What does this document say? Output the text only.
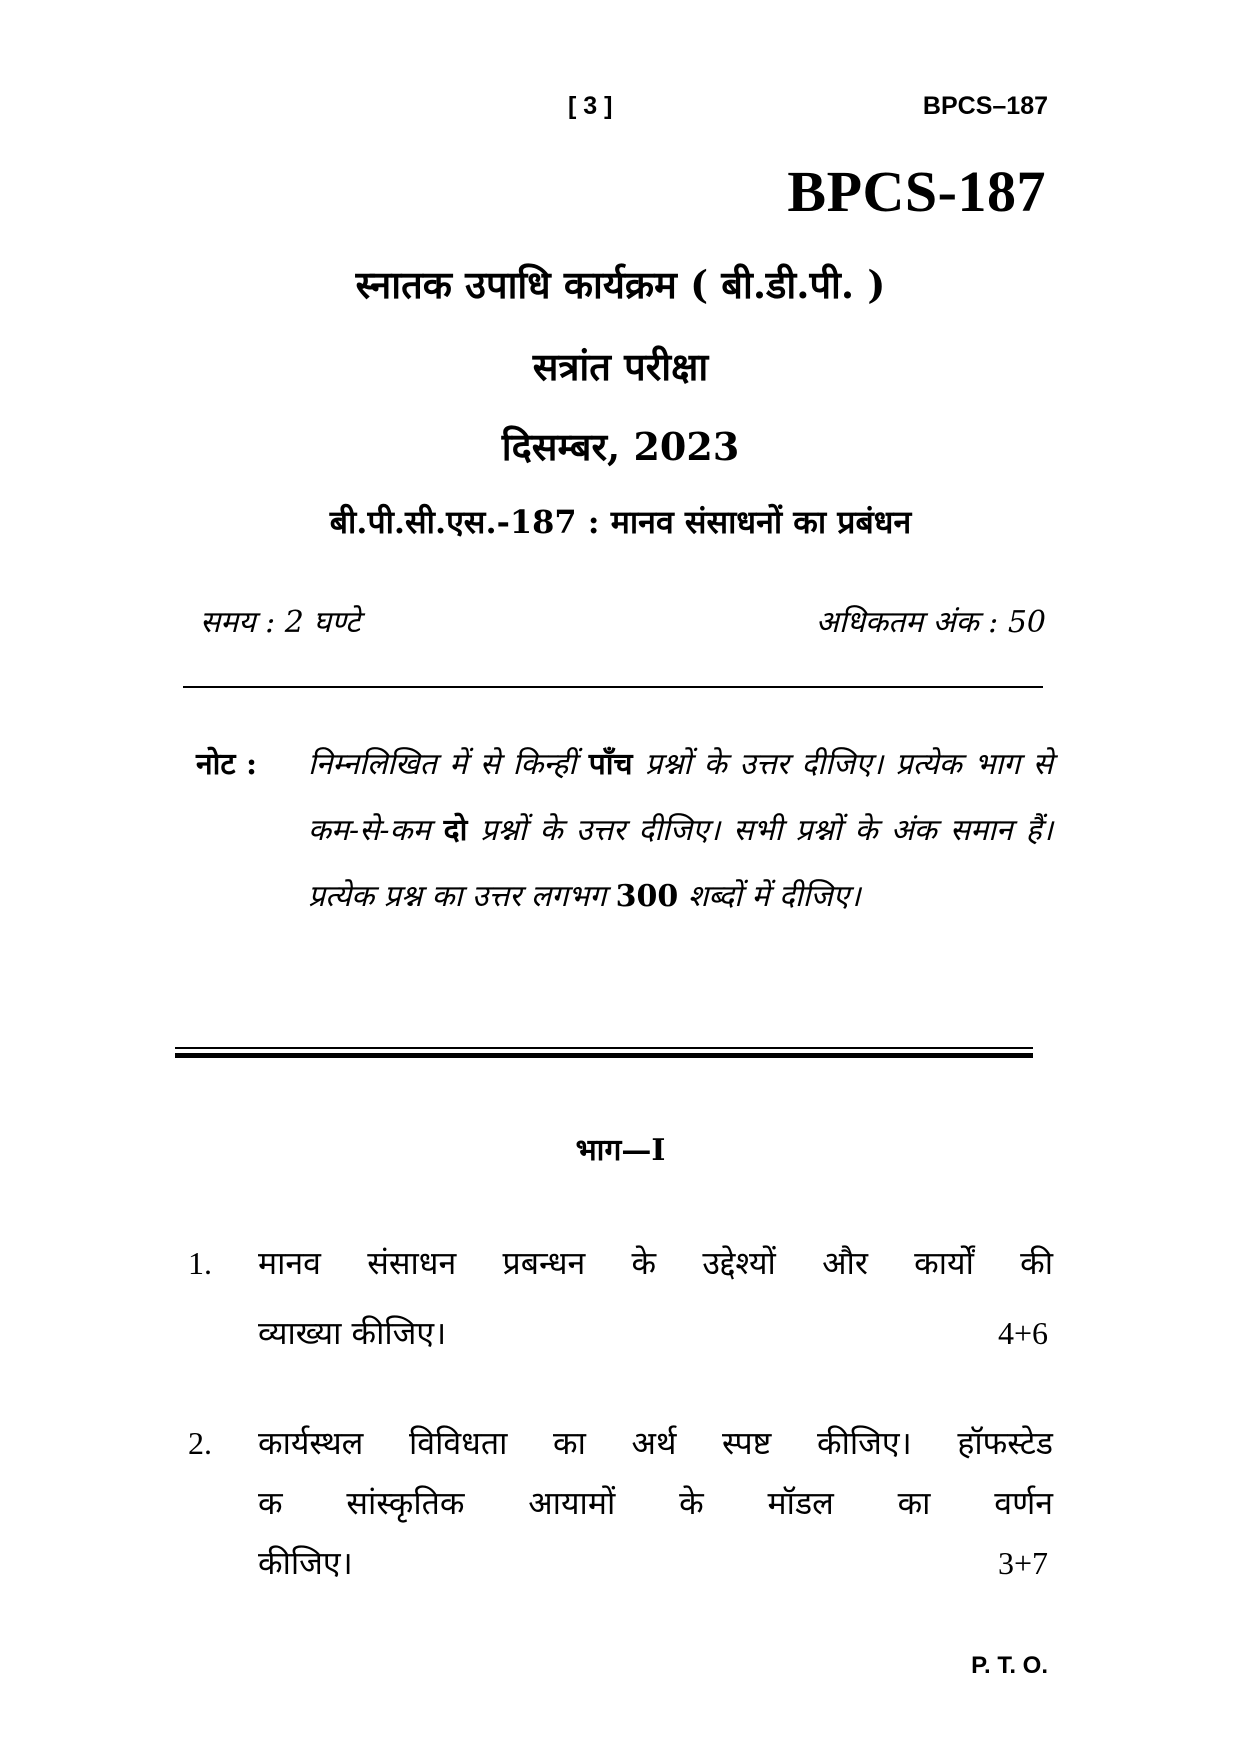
[ 3 ]	BPCS–187
BPCS-187
स्नातक उपाधि कार्यक्रम ( बी.डी.पी. )
सत्रांत परीक्षा
दिसम्बर, 2023
बी.पी.सी.एस.-187 : मानव संसाधनों का प्रबंधन
समय : 2 घण्टे	अधिकतम अंक : 50
नोट : निम्नलिखित में से किन्हीं पाँच प्रश्नों के उत्तर दीजिए। प्रत्येक भाग से कम-से-कम दो प्रश्नों के उत्तर दीजिए। सभी प्रश्नों के अंक समान हैं। प्रत्येक प्रश्न का उत्तर लगभग 300 शब्दों में दीजिए।
भाग—I
1. मानव संसाधन प्रबन्धन के उद्देश्यों और कार्यों की
व्याख्या कीजिए।	4+6
2. कार्यस्थल विविधता का अर्थ स्पष्ट कीजिए। हॉफस्टेड
क सांस्कृतिक आयामों के मॉडल का वर्णन
कीजिए।	3+7
P. T. O.
